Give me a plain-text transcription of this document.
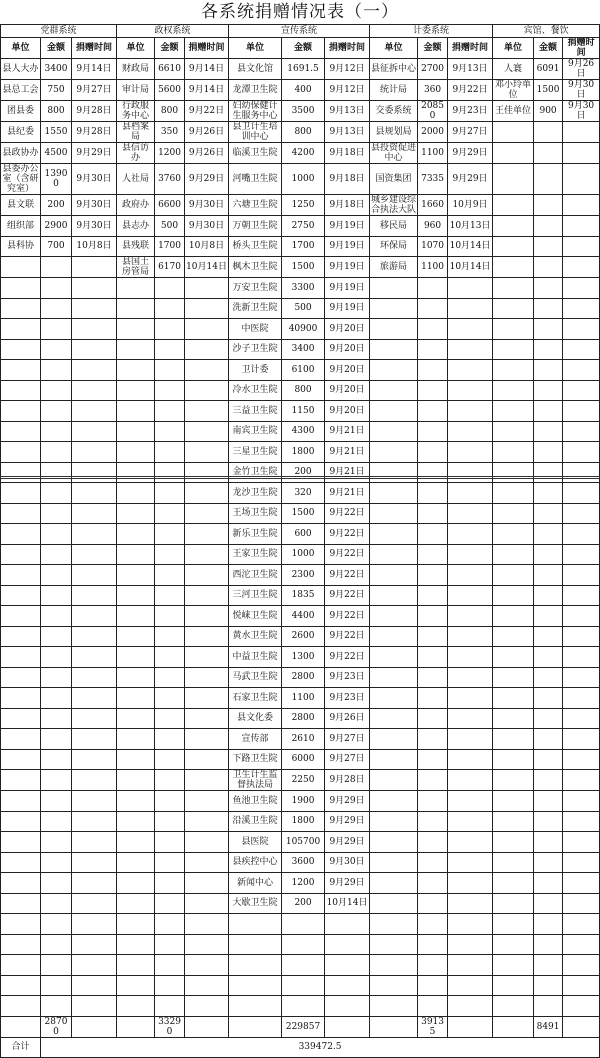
各系统捐赠情况表（一）
党群系统			政权系统			宣传系统			计委系统			宾馆、餐饮		
单位	金额	捐赠时间	单位	金额	捐赠时间	单位	金额	捐赠时间	单位	金额	捐赠时间	单位	金额	捐赠时间
县人大办	3400	9月14日	财政局	6610	9月14日	县文化馆	1691.5	9月12日	县征拆中心	2700	9月13日	人寰	6091	9月26日
县总工会	750	9月27日	审计局	5600	9月14日	龙潭卫生院	400	9月12日	统计局	360	9月22日	邓小玲单位	1500	9月30日
团县委	800	9月28日	行政服务中心	800	9月22日	妇幼保健计生服务中心	3500	9月13日	交委系统	20850	9月23日	王佳单位	900	9月30日
县纪委	1550	9月28日	县档案局	350	9月26日	县卫计生培训中心	800	9月13日	县规划局	2000	9月27日			
县政协办	4500	9月29日	县信访办	1200	9月26日	临溪卫生院	4200	9月18日	县投资促进中心	1100	9月29日			
县委办公室（含研究室）	13900	9月30日	人社局	3760	9月29日	河嘴卫生院	1000	9月18日	国资集团	7335	9月29日			
县文联	200	9月30日	政府办	6600	9月30日	六塘卫生院	1250	9月18日	城乡建设综合执法大队	1660	10月9日			
组织部	2900	9月30日	县志办	500	9月30日	万朝卫生院	2750	9月19日	移民局	960	10月13日			
县科协	700	10月8日	县残联	1700	10月8日	桥头卫生院	1700	9月19日	环保局	1070	10月14日			
			县国土房管局	6170	10月14日	枫木卫生院	1500	9月19日	旅游局	1100	10月14日			
						万安卫生院	3300	9月19日						
						洗新卫生院	500	9月19日						
						中医院	40900	9月20日						
						沙子卫生院	3400	9月20日						
						卫计委	6100	9月20日						
						冷水卫生院	800	9月20日						
						三益卫生院	1150	9月20日						
						南宾卫生院	4300	9月21日						
						三星卫生院	1800	9月21日						
						金竹卫生院	200	9月21日						
						龙沙卫生院	320	9月21日						
						王场卫生院	1500	9月22日						
						新乐卫生院	600	9月22日						
						王家卫生院	1000	9月22日						
						西沱卫生院	2300	9月22日						
						三河卫生院	1835	9月22日						
						悦崃卫生院	4400	9月22日						
						黄水卫生院	2600	9月22日						
						中益卫生院	1300	9月22日						
						马武卫生院	2800	9月23日						
						石家卫生院	1100	9月23日						
						县文化委	2800	9月26日						
						宣传部	2610	9月27日						
						下路卫生院	6000	9月27日						
						卫生计生监督执法局	2250	9月28日						
						鱼池卫生院	1900	9月29日						
						沿溪卫生院	1800	9月29日						
						县医院	105700	9月29日						
						县疾控中心	3600	9月30日						
						新闻中心	1200	9月29日						
						大歇卫生院	200	10月14日						

	28700			33290			229857			39135			8491	
合计	339472.5													
